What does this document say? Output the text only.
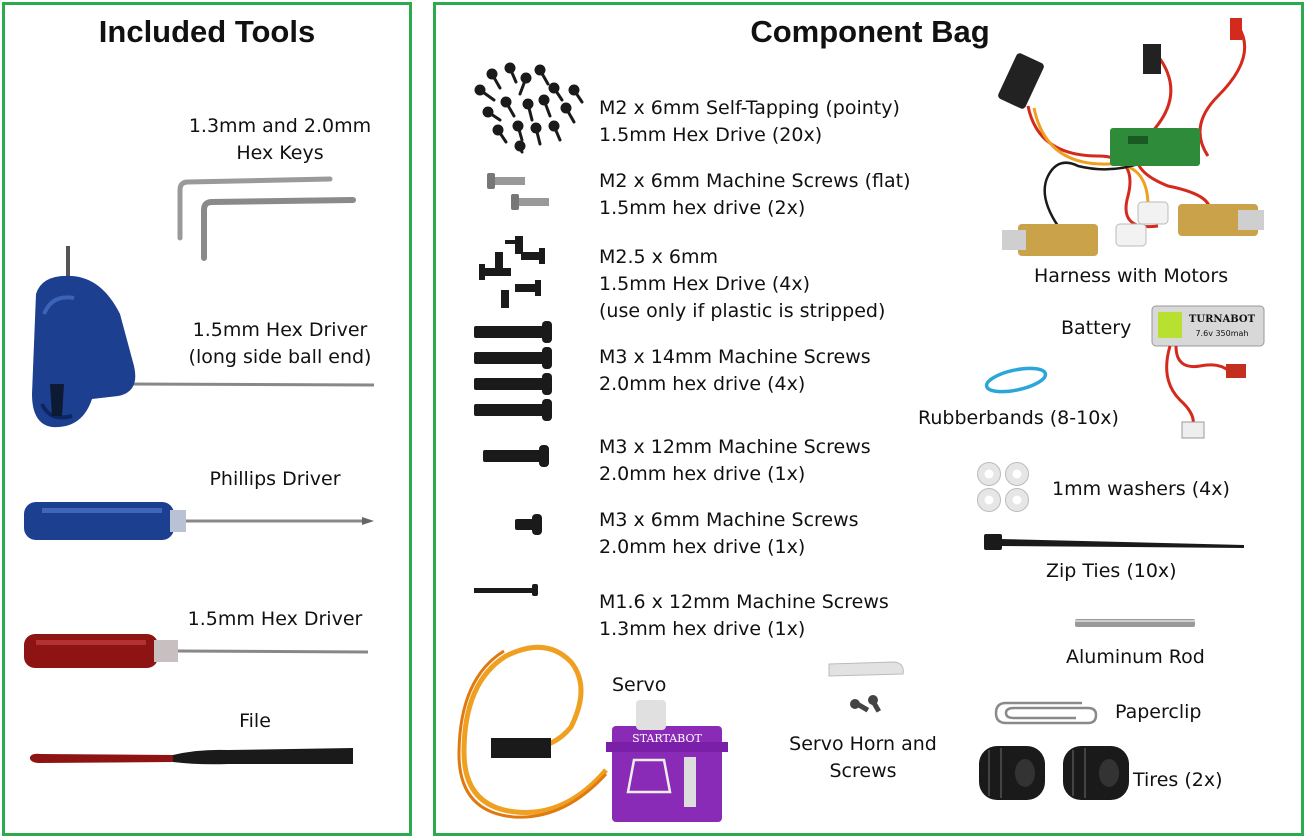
Included Tools
1.3mm and 2.0mm
Hex Keys
1.5mm Hex Driver
(long side ball end)
Phillips Driver
1.5mm Hex Driver
File
Component Bag
M2 x 6mm Self-Tapping (pointy)
1.5mm Hex Drive (20x)
M2 x 6mm Machine Screws (flat)
1.5mm hex drive (2x)
M2.5 x 6mm
1.5mm Hex Drive (4x)
(use only if plastic is stripped)
M3 x 14mm Machine Screws
2.0mm hex drive (4x)
M3 x 12mm Machine Screws
2.0mm hex drive (1x)
M3 x 6mm Machine Screws
2.0mm hex drive (1x)
M1.6 x 12mm Machine Screws
1.3mm hex drive (1x)
STARTABOT
Servo
Servo Horn and
Screws
Harness with Motors
Battery	TURNABOT
7.6v 350mah
Rubberbands (8-10x)
1mm washers (4x)
Zip Ties (10x)
Aluminum Rod
Paperclip
Tires (2x)
